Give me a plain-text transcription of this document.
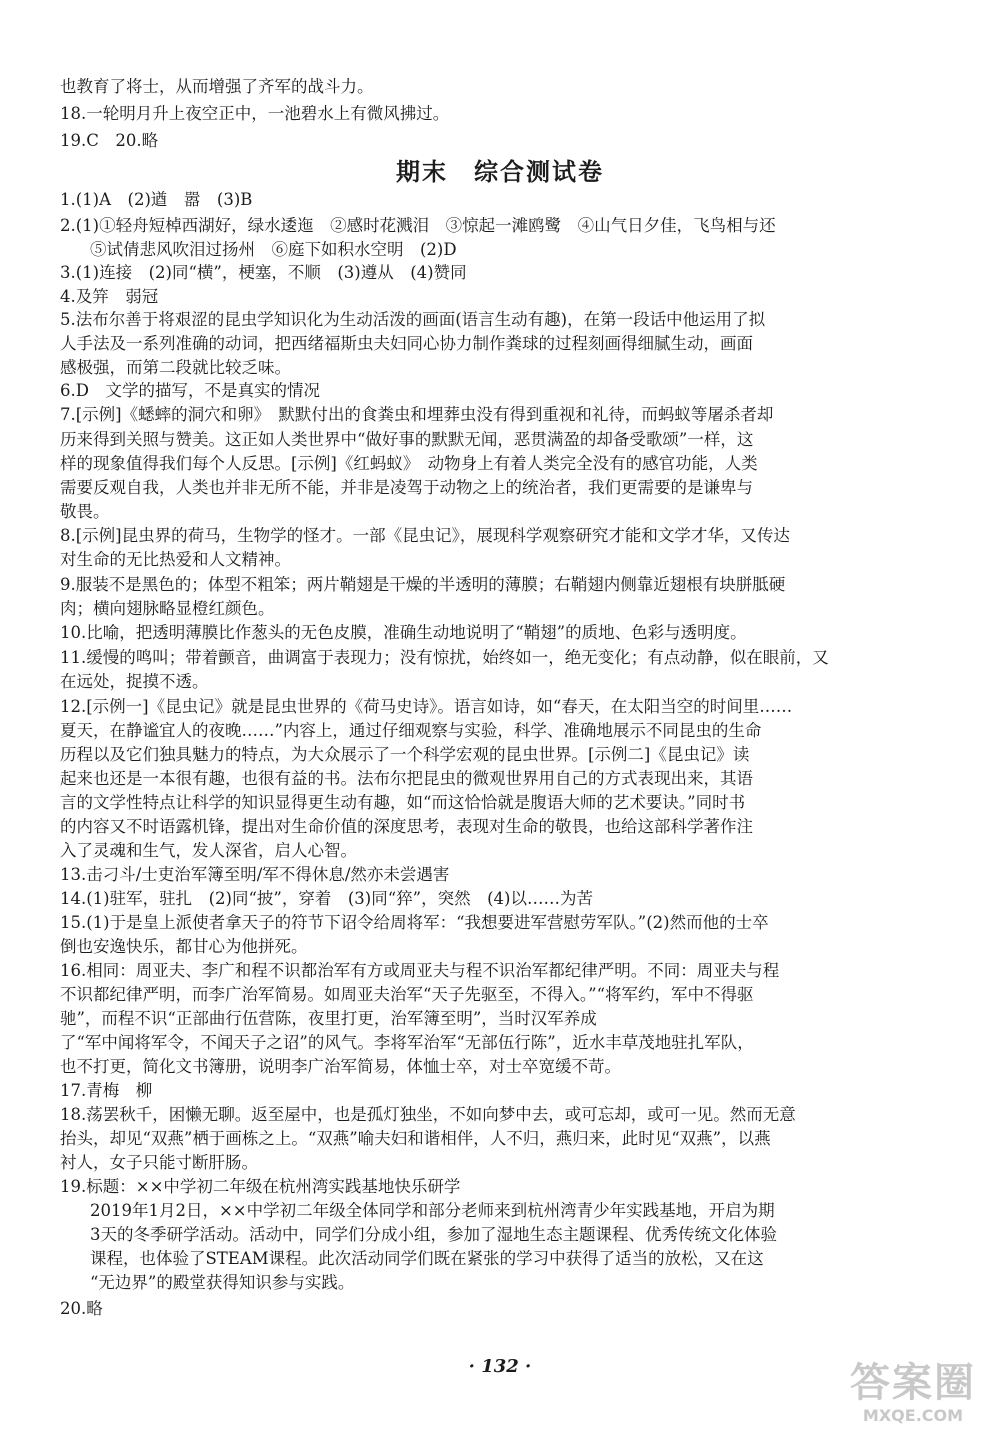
也教育了将士，从而增强了齐军的战斗力。
18.一轮明月升上夜空正中，一池碧水上有微风拂过。
19.C　20.略
期末　综合测试卷
1.(1)A　(2)遒　嚣　(3)B
2.(1)①轻舟短棹西湖好，绿水逶迤　②感时花溅泪　③惊起一滩鸥鹭　④山气日夕佳，飞鸟相与还
⑤试倩悲风吹泪过扬州　⑥庭下如积水空明　(2)D
3.(1)连接　(2)同“横”，梗塞，不顺　(3)遵从　(4)赞同
4.及笄　弱冠
5.法布尔善于将艰涩的昆虫学知识化为生动活泼的画面(语言生动有趣)，在第一段话中他运用了拟
人手法及一系列准确的动词，把西绪福斯虫夫妇同心协力制作粪球的过程刻画得细腻生动，画面
感极强，而第二段就比较乏味。
6.D　文学的描写，不是真实的情况
7.[示例]《蟋蟀的洞穴和卵》　默默付出的食粪虫和埋葬虫没有得到重视和礼待，而蚂蚁等屠杀者却
历来得到关照与赞美。这正如人类世界中“做好事的默默无闻，恶贯满盈的却备受歌颂”一样，这
样的现象值得我们每个人反思。[示例]《红蚂蚁》　动物身上有着人类完全没有的感官功能，人类
需要反观自我，人类也并非无所不能，并非是凌驾于动物之上的统治者，我们更需要的是谦卑与
敬畏。
8.[示例]昆虫界的荷马，生物学的怪才。一部《昆虫记》，展现科学观察研究才能和文学才华，又传达
对生命的无比热爱和人文精神。
9.服装不是黑色的；体型不粗笨；两片鞘翅是干燥的半透明的薄膜；右鞘翅内侧靠近翅根有块胼胝硬
肉；横向翅脉略显橙红颜色。
10.比喻，把透明薄膜比作葱头的无色皮膜，准确生动地说明了“鞘翅”的质地、色彩与透明度。
11.缓慢的鸣叫；带着颤音，曲调富于表现力；没有惊扰，始终如一，绝无变化；有点动静，似在眼前，又
在远处，捉摸不透。
12.[示例一]《昆虫记》就是昆虫世界的《荷马史诗》。语言如诗，如“春天，在太阳当空的时间里……
夏天，在静谧宜人的夜晚……”内容上，通过仔细观察与实验，科学、准确地展示不同昆虫的生命
历程以及它们独具魅力的特点，为大众展示了一个科学宏观的昆虫世界。[示例二]《昆虫记》读
起来也还是一本很有趣，也很有益的书。法布尔把昆虫的微观世界用自己的方式表现出来，其语
言的文学性特点让科学的知识显得更生动有趣，如“而这恰恰就是腹语大师的艺术要诀。”同时书
的内容又不时语露机锋，提出对生命价值的深度思考，表现对生命的敬畏，也给这部科学著作注
入了灵魂和生气，发人深省，启人心智。
13.击刁斗/士吏治军簿至明/军不得休息/然亦未尝遇害
14.(1)驻军，驻扎　(2)同“披”，穿着　(3)同“猝”，突然　(4)以……为苦
15.(1)于是皇上派使者拿天子的符节下诏令给周将军：“我想要进军营慰劳军队。”(2)然而他的士卒
倒也安逸快乐，都甘心为他拼死。
16.相同：周亚夫、李广和程不识都治军有方或周亚夫与程不识治军都纪律严明。不同：周亚夫与程
不识都纪律严明，而李广治军简易。如周亚夫治军“天子先驱至，不得入。”“将军约，军中不得驱
驰”，而程不识“正部曲行伍营陈，夜里打更，治军簿至明”，当时汉军养成
了“军中闻将军令，不闻天子之诏”的风气。李将军治军“无部伍行陈”，近水丰草茂地驻扎军队，
也不打更，简化文书簿册，说明李广治军简易，体恤士卒，对士卒宽缓不苛。
17.青梅　柳
18.荡罢秋千，困懒无聊。返至屋中，也是孤灯独坐，不如向梦中去，或可忘却，或可一见。然而无意
抬头，却见“双燕”栖于画栋之上。“双燕”喻夫妇和谐相伴，人不归，燕归来，此时见“双燕”，以燕
衬人，女子只能寸断肝肠。
19.标题：××中学初二年级在杭州湾实践基地快乐研学
2019年1月2日，××中学初二年级全体同学和部分老师来到杭州湾青少年实践基地，开启为期
3天的冬季研学活动。活动中，同学们分成小组，参加了湿地生态主题课程、优秀传统文化体验
课程，也体验了STEAM课程。此次活动同学们既在紧张的学习中获得了适当的放松，又在这
“无边界”的殿堂获得知识参与实践。
20.略
· 132 ·	答案圈
MXQE.COM
